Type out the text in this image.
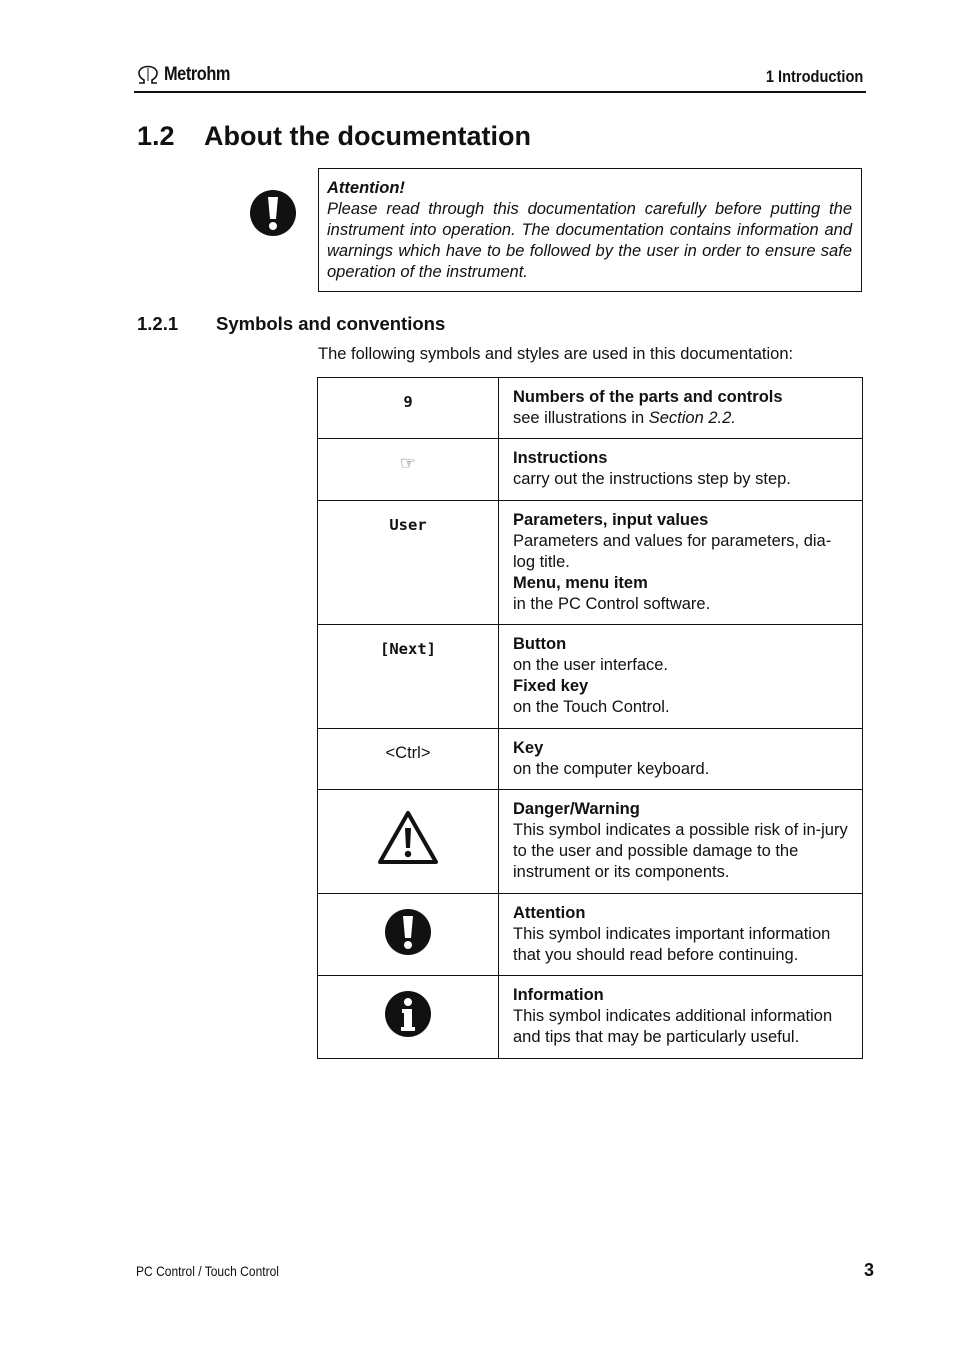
Metrohm	1 Introduction
1.2 About the documentation
Attention!
Please read through this documentation carefully before putting the instrument into operation. The documentation contains information and warnings which have to be followed by the user in order to ensure safe operation of the instrument.
1.2.1 Symbols and conventions
The following symbols and styles are used in this documentation:
9	Numbers of the parts and controls
see illustrations in Section 2.2.

☞	Instructions
carry out the instructions step by step.

User	Parameters, input values
Parameters and values for parameters, dia-log title.
Menu, menu item
in the PC Control software.

[Next]	Button
on the user interface.
Fixed key
on the Touch Control.

<Ctrl>	Key
on the computer keyboard.

Danger/Warning
This symbol indicates a possible risk of in-jury to the user and possible damage to the instrument or its components.

Attention
This symbol indicates important information that you should read before continuing.

Information
This symbol indicates additional information and tips that may be particularly useful.
PC Control / Touch Control	3
